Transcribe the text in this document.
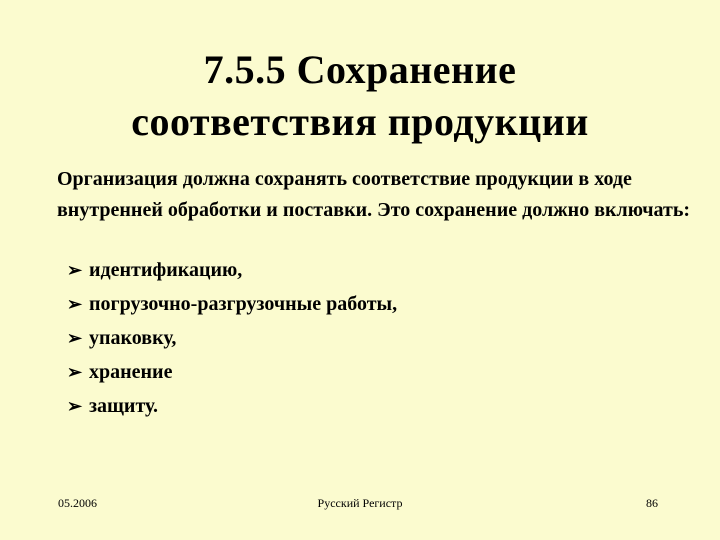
7.5.5 Сохранение
соответствия продукции
Организация должна сохранять соответствие продукции в ходе внутренней обработки и поставки. Это сохранение должно включать:
➢ идентификацию,
➢ погрузочно-разгрузочные работы,
➢ упаковку,
➢ хранение
➢ защиту.
05.2006	Русский Регистр	86
